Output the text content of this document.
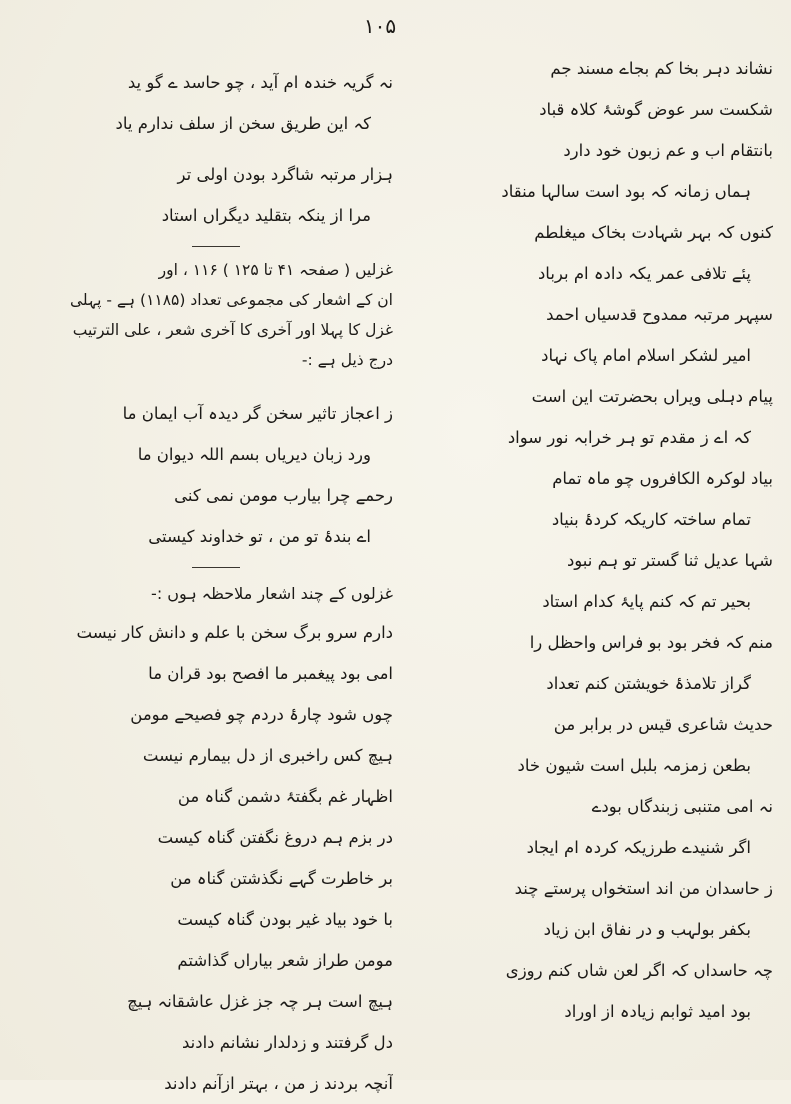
۱۰۵
نہ گریہ خندہ ام آید ، چو حاسد ے گو ید
کہ این طریق سخن از سلف ندارم یاد
ہزار مرتبہ شاگرد بودن اولی تر
مرا از ینکہ بتقلید دیگراں استاد
غزلیں ( صفحہ ۴۱ تا ۱۲۵ ) ۱۱۶ ، اور
ان کے اشعار کی مجموعی تعداد (۱۱۸۵) ہے - پہلی
غزل کا پہلا اور آخری کا آخری شعر ، علی الترتیب
درج ذیل ہے :-
ز اعجاز تاثیر سخن گر دیدہ آب ایمان ما
ورد زبان دیریاں بسم اللہ دیوان ما
رحمے چرا بیارب مومن نمی کنی
اے بندۂ تو من ، تو خداوند کیستی
غزلوں کے چند اشعار ملاحظہ ہوں :-
دارم سرو برگ سخن با علم و دانش کار نیست
امی بود پیغمبر ما افصح بود قران ما
چوں شود چارۂ دردم چو فصیحے مومن
ہیچ کس راخبری از دل بیمارم نیست
اظہار غم بگفتۂ دشمن گناہ من
در بزم ہم دروغ نگفتن گناہ کیست
بر خاطرت گہے نگذشتن گناہ من
با خود بیاد غیر بودن گناہ کیست
مومن طراز شعر بیاراں گذاشتم
ہیچ است ہر چہ جز غزل عاشقانہ ہیچ
دل گرفتند و زدلدار نشانم دادند
آنچہ بردند ز من ، بہتر ازآنم دادند
نشاند دہر بخا کم بجاے مسند جم
شکست سر عوض گوشۂ کلاہ قباد
بانتقام اب و عم زبون خود دارد
ہماں زمانہ کہ بود است سالہا منقاد
کنوں کہ بہر شہادت بخاک میغلطم
پئے تلافی عمر یکہ دادہ ام برباد
سپہر مرتبہ ممدوح قدسیاں احمد
امیر لشکر اسلام امام پاک نہاد
پیام دہلی ویراں بحضرتت این است
کہ اے ز مقدم تو ہر خرابہ نور سواد
بیاد لوکرہ الکافروں چو ماہ تمام
تمام ساختہ کاریکہ کردۂ بنیاد
شہا عدیل ثنا گستر تو ہم نبود
بحیر تم کہ کنم پایۂ کدام استاد
منم کہ فخر بود بو فراس واحظل را
گراز تلامذۂ خویشتن کنم تعداد
حدیث شاعری قیس در برابر من
بطعن زمزمہ بلبل است شیون خاد
نہ امی متنبی زبندگاں بودے
اگر شنیدے طرزیکہ کردہ ام ایجاد
ز حاسدان من اند استخواں پرستے چند
بکفر بولہب و در نفاق ابن زیاد
چہ حاسداں کہ اگر لعن شاں کنم روزی
بود امید ثوابم زیادہ از اوراد
